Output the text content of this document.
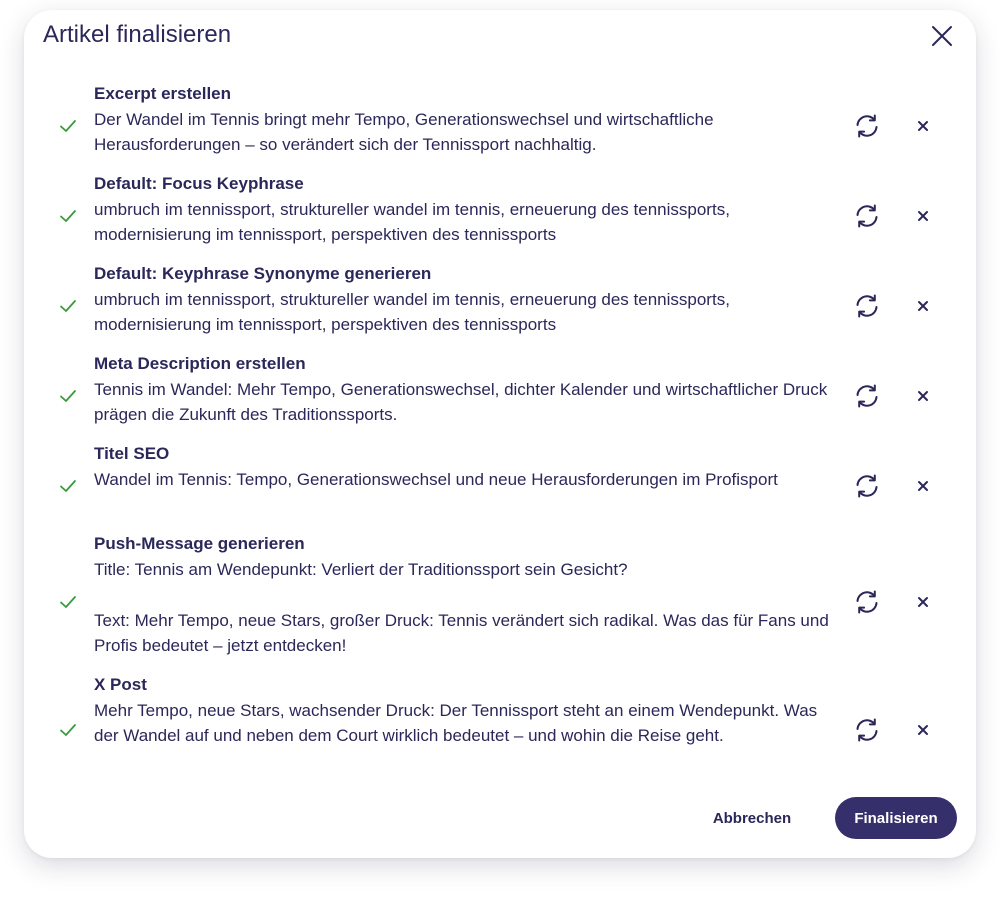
Artikel finalisieren
Excerpt erstellen
Der Wandel im Tennis bringt mehr Tempo, Generationswechsel und wirtschaftliche Herausforderungen – so verändert sich der Tennissport nachhaltig.
Default: Focus Keyphrase
umbruch im tennissport, struktureller wandel im tennis, erneuerung des tennissports, modernisierung im tennissport, perspektiven des tennissports
Default: Keyphrase Synonyme generieren
umbruch im tennissport, struktureller wandel im tennis, erneuerung des tennissports, modernisierung im tennissport, perspektiven des tennissports
Meta Description erstellen
Tennis im Wandel: Mehr Tempo, Generationswechsel, dichter Kalender und wirtschaftlicher Druck prägen die Zukunft des Traditionssports.
Titel SEO
Wandel im Tennis: Tempo, Generationswechsel und neue Herausforderungen im Profisport
Push-Message generieren
Title: Tennis am Wendepunkt: Verliert der Traditionssport sein Gesicht?

Text: Mehr Tempo, neue Stars, großer Druck: Tennis verändert sich radikal. Was das für Fans und Profis bedeutet – jetzt entdecken!
X Post
Mehr Tempo, neue Stars, wachsender Druck: Der Tennissport steht an einem Wendepunkt. Was der Wandel auf und neben dem Court wirklich bedeutet – und wohin die Reise geht.
Abbrechen	Finalisieren
